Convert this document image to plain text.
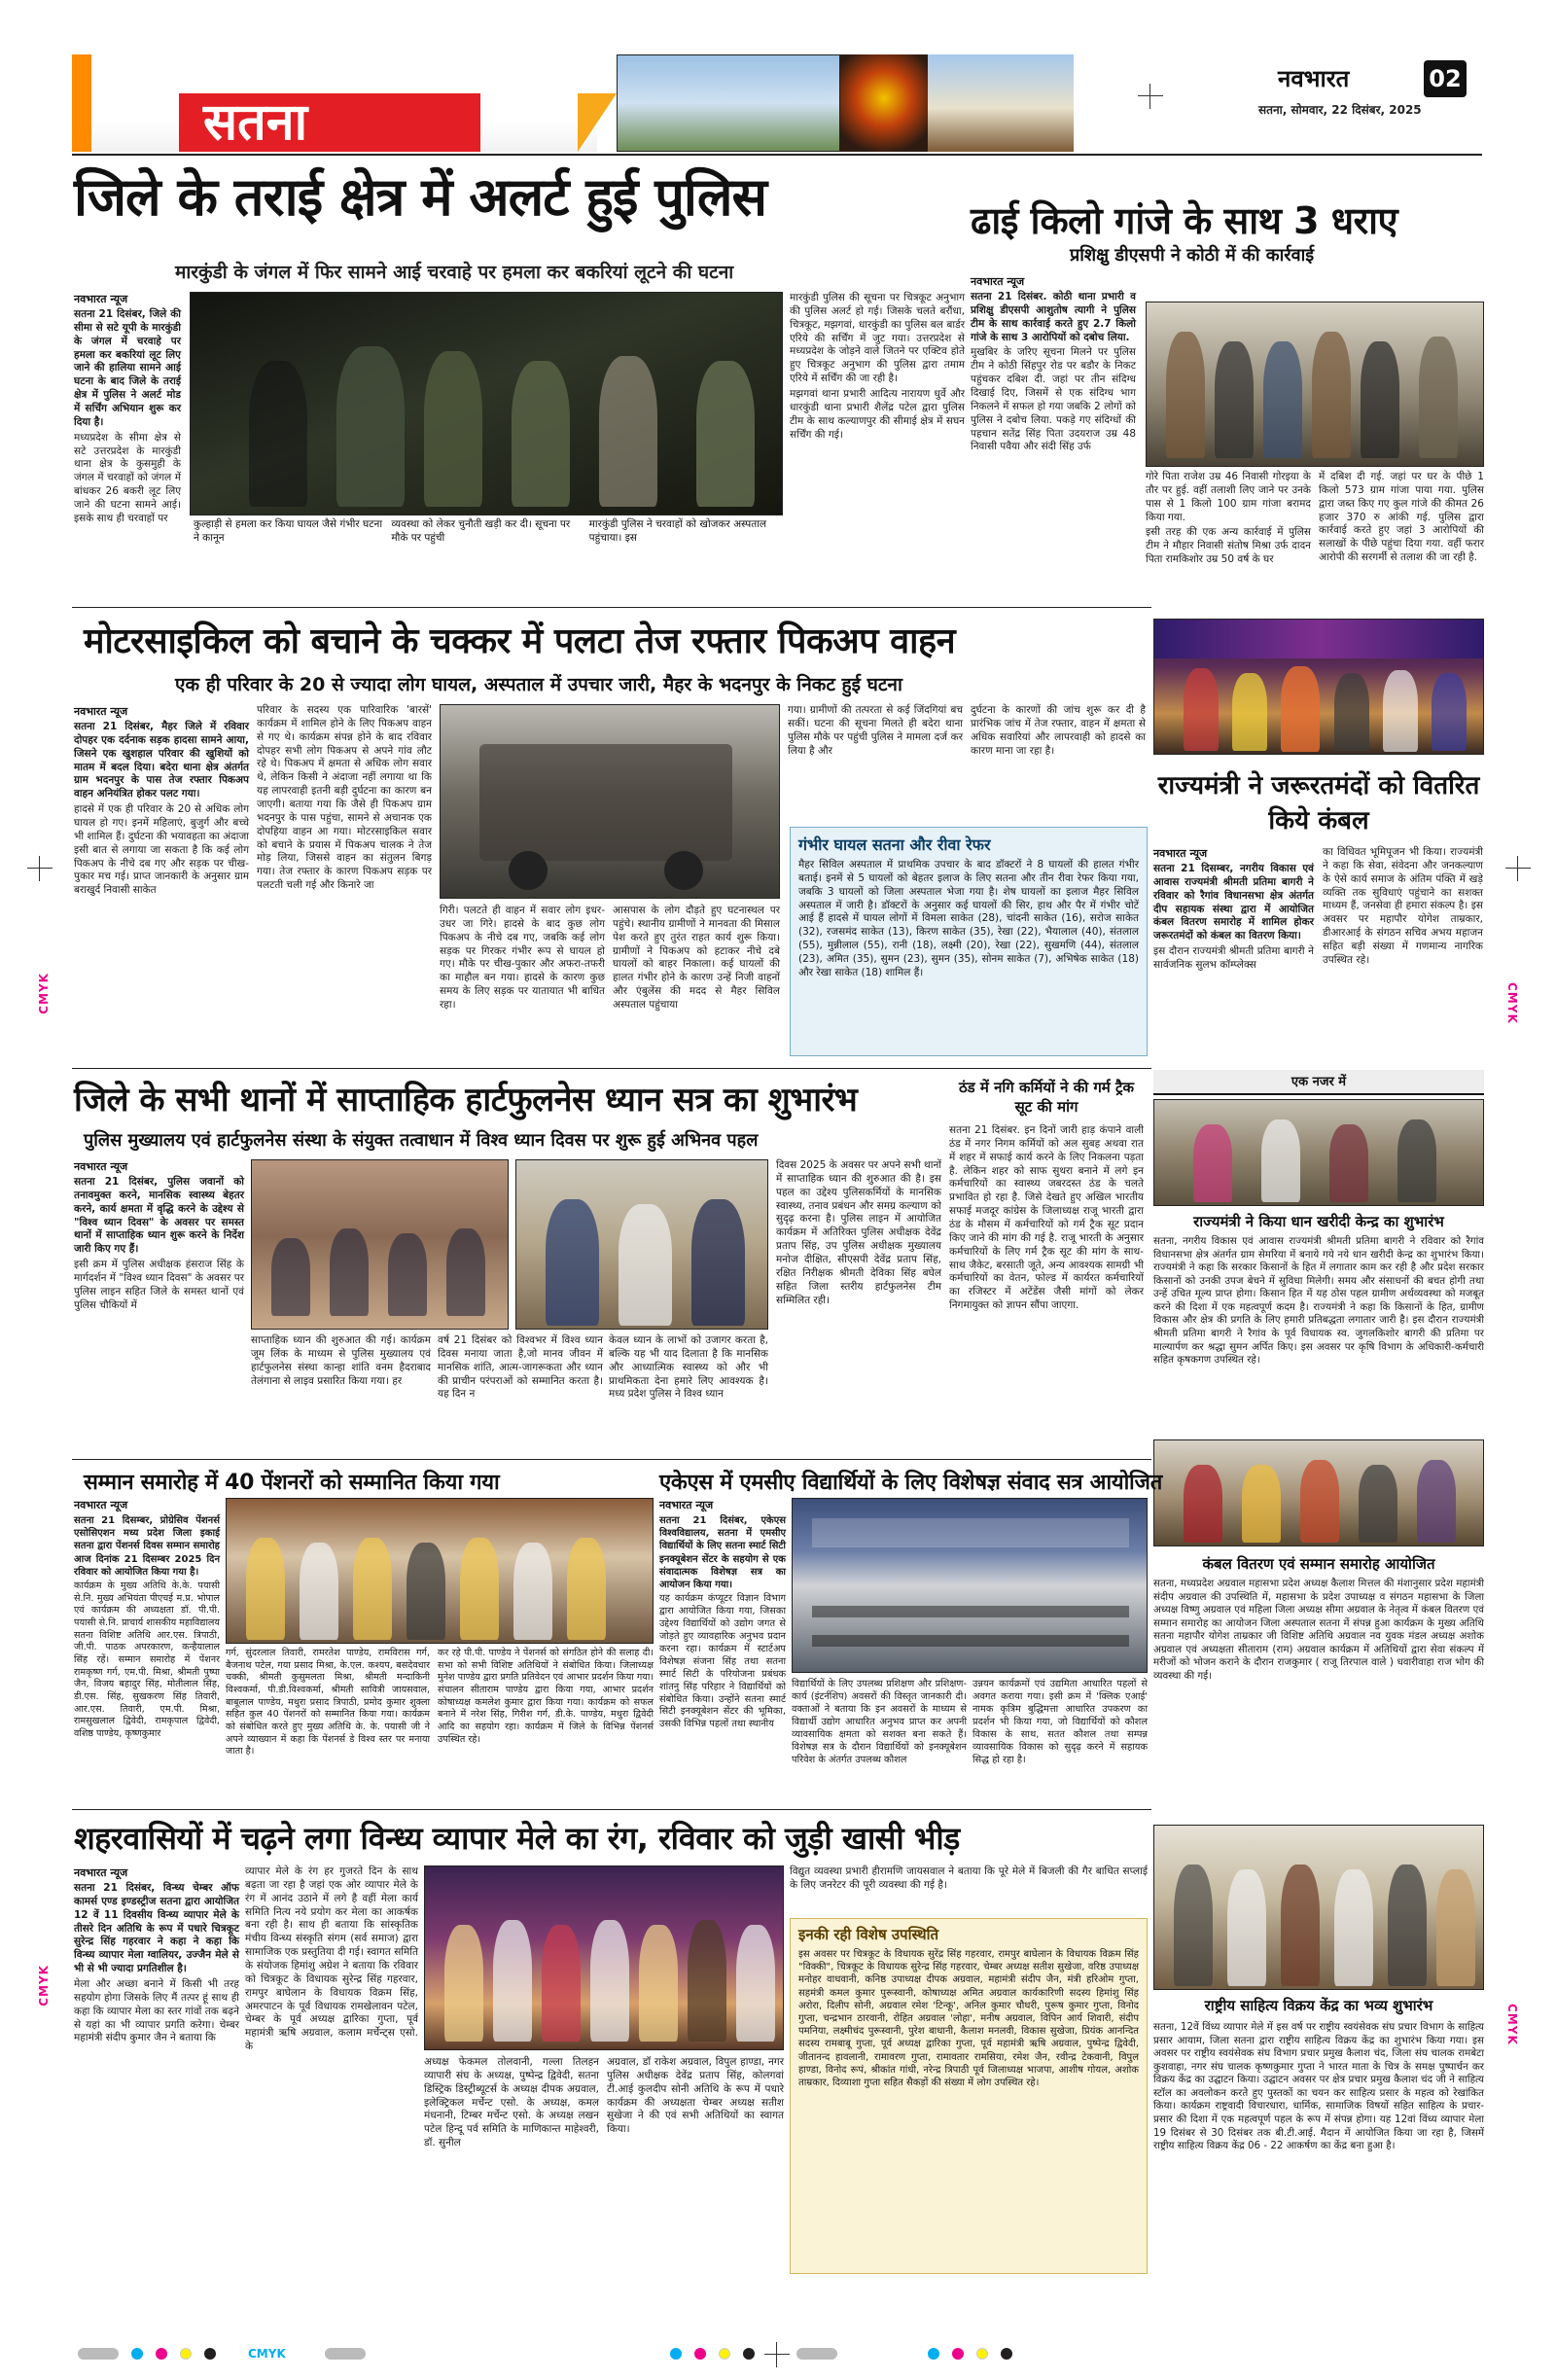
सतना
नवभारत	02
सतना, सोमवार, 22 दिसंबर, 2025
जिले के तराई क्षेत्र में अलर्ट हुई पुलिस
मारकुंडी के जंगल में फिर सामने आई चरवाहे पर हमला कर बकरियां लूटने की घटना
नवभारत न्यूज
सतना 21 दिसंबर, जिले की सीमा से सटे यूपी के मारकुंडी के जंगल में चरवाहे पर हमला कर बकरियां लूट लिए जाने की हालिया सामने आई घटना के बाद जिले के तराई क्षेत्र में पुलिस ने अलर्ट मोड में सर्चिंग अभियान शुरू कर दिया है।
मध्यप्रदेश के सीमा क्षेत्र से सटे उत्तरप्रदेश के मारकुंडी थाना क्षेत्र के कुसमुही के जंगल में चरवाहों को जंगल में बांधकर 26 बकरी लूट लिए जाने की घटना सामने आई। इसके साथ ही चरवाहों पर
कुल्हाड़ी से हमला कर किया घायल जैसे गंभीर घटना ने कानून
व्यवस्था को लेकर चुनौती खड़ी कर दी। सूचना पर मौके पर पहुंची
मारकुंडी पुलिस ने चरवाहों को खोजकर अस्पताल पहुंचाया। इस
मारकुंडी पुलिस की सूचना पर चित्रकूट अनुभाग की पुलिस अलर्ट हो गई। जिसके चलते बरौंधा, चित्रकूट, मझगवां, धारकुंडी का पुलिस बल बार्डर एरिये की सर्चिंग में जुट गया। उत्तरप्रदेश से मध्यप्रदेश के जोड़ने वाले जितने पर एक्टिव होते हुए चित्रकूट अनुभाग की पुलिस द्वारा तमाम एरिये में सर्चिंग की जा रही है।
मझगवां थाना प्रभारी आदित्य नारायण धुर्वे और धारकुंडी थाना प्रभारी शैलेंद्र पटेल द्वारा पुलिस टीम के साथ कल्याणपुर की सीमाई क्षेत्र में सघन सर्चिंग की गई।
ढाई किलो गांजे के साथ 3 धराए
प्रशिक्षु डीएसपी ने कोठी में की कार्रवाई
नवभारत न्यूज
सतना 21 दिसंबर. कोठी थाना प्रभारी व प्रशिक्षु डीएसपी आशुतोष त्यागी ने पुलिस टीम के साथ कार्रवाई करते हुए 2.7 किलो गांजे के साथ 3 आरोपियों को दबोच लिया.
मुखबिर के जरिए सूचना मिलने पर पुलिस टीम ने कोठी सिंहपुर रोड पर बडौर के निकट पहुंचकर दबिश दी. जहां पर तीन संदिग्ध दिखाई दिए, जिसमें से एक संदिग्ध भाग निकलने में सफल हो गया जबकि 2 लोगों को पुलिस ने दबोच लिया. पकड़े गए संदिग्धों की पहचान सतेंद्र सिंह पिता उदयराज उम्र 48 निवासी पवैया और संदी सिंह उर्फ
गोरे पिता राजेश उम्र 46 निवासी गोरइया के तौर पर हुई. वहीं तलाशी लिए जाने पर उनके पास से 1 किलो 100 ग्राम गांजा बरामद किया गया.
इसी तरह की एक अन्य कार्रवाई में पुलिस टीम ने मौहार निवासी संतोष मिश्रा उर्फ दादन पिता रामकिशोर उम्र 50 वर्ष के घर
में दबिश दी गई. जहां पर घर के पीछे 1 किलो 573 ग्राम गांजा पाया गया. पुलिस द्वारा जब्त किए गए कुल गांजे की कीमत 26 हजार 370 रु आंकी गई. पुलिस द्वारा कार्रवाई करते हुए जहां 3 आरोपियों की सलाखों के पीछे पहुंचा दिया गया. वहीं फरार आरोपी की सरगर्मी से तलाश की जा रही है.
मोटरसाइकिल को बचाने के चक्कर में पलटा तेज रफ्तार पिकअप वाहन
एक ही परिवार के 20 से ज्यादा लोग घायल, अस्पताल में उपचार जारी, मैहर के भदनपुर के निकट हुई घटना
नवभारत न्यूज
सतना 21 दिसंबर, मैहर जिले में रविवार दोपहर एक दर्दनाक सड़क हादसा सामने आया, जिसने एक खुशहाल परिवार की खुशियों को मातम में बदल दिया। बदेरा थाना क्षेत्र अंतर्गत ग्राम भदनपुर के पास तेज रफ्तार पिकअप वाहन अनियंत्रित होकर पलट गया।
हादसे में एक ही परिवार के 20 से अधिक लोग घायल हो गए। इनमें महिलाएं, बुजुर्ग और बच्चे भी शामिल हैं। दुर्घटना की भयावहता का अंदाजा इसी बात से लगाया जा सकता है कि कई लोग पिकअप के नीचे दब गए और सड़क पर चीख-पुकार मच गई। प्राप्त जानकारी के अनुसार ग्राम बराखुर्द निवासी साकेत
परिवार के सदस्य एक पारिवारिक 'बारसें' कार्यक्रम में शामिल होने के लिए पिकअप वाहन से गए थे। कार्यक्रम संपन्न होने के बाद रविवार दोपहर सभी लोग पिकअप से अपने गांव लौट रहे थे। पिकअप में क्षमता से अधिक लोग सवार थे, लेकिन किसी ने अंदाजा नहीं लगाया था कि यह लापरवाही इतनी बड़ी दुर्घटना का कारण बन जाएगी। बताया गया कि जैसे ही पिकअप ग्राम भदनपुर के पास पहुंचा, सामने से अचानक एक दोपहिया वाहन आ गया। मोटरसाइकिल सवार को बचाने के प्रयास में पिकअप चालक ने तेज मोड़ लिया, जिससे वाहन का संतुलन बिगड़ गया। तेज रफ्तार के कारण पिकअप सड़क पर पलटती चली गई और किनारे जा
गिरी। पलटते ही वाहन में सवार लोग इधर-उधर जा गिरे। हादसे के बाद कुछ लोग पिकअप के नीचे दब गए, जबकि कई लोग सड़क पर गिरकर गंभीर रूप से घायल हो गए। मौके पर चीख-पुकार और अफरा-तफरी का माहौल बन गया। हादसे के कारण कुछ समय के लिए सड़क पर यातायात भी बाधित रहा।
आसपास के लोग दौड़ते हुए घटनास्थल पर पहुंचे। स्थानीय ग्रामीणों ने मानवता की मिसाल पेश करते हुए तुरंत राहत कार्य शुरू किया। ग्रामीणों ने पिकअप को हटाकर नीचे दबे घायलों को बाहर निकाला। कई घायलों की हालत गंभीर होने के कारण उन्हें निजी वाहनों और एंबुलेंस की मदद से मैहर सिविल अस्पताल पहुंचाया
गया। ग्रामीणों की तत्परता से कई जिंदगियां बच सकीं। घटना की सूचना मिलते ही बदेरा थाना पुलिस मौके पर पहुंची पुलिस ने मामला दर्ज कर लिया है और
दुर्घटना के कारणों की जांच शुरू कर दी है प्रारंभिक जांच में तेज रफ्तार, वाहन में क्षमता से अधिक सवारियां और लापरवाही को हादसे का कारण माना जा रहा है।
गंभीर घायल सतना और रीवा रेफर
मैहर सिविल अस्पताल में प्राथमिक उपचार के बाद डॉक्टरों ने 8 घायलों की हालत गंभीर बताई। इनमें से 5 घायलों को बेहतर इलाज के लिए सतना और तीन रीवा रेफर किया गया, जबकि 3 घायलों को जिला अस्पताल भेजा गया है। शेष घायलों का इलाज मैहर सिविल अस्पताल में जारी है। डॉक्टरों के अनुसार कई घायलों की सिर, हाथ और पैर में गंभीर चोटें आई हैं हादसे में घायल लोगों में विमला साकेत (28), चांदनी साकेत (16), सरोज साकेत (32), रजसमंद साकेत (13), किरण साकेत (35), रेखा (22), भैयालाल (40), संतलाल (55), मुन्नीलाल (55), रानी (18), लक्ष्मी (20), रेखा (22), सुखमणि (44), संतलाल (23), अमित (35), सुमन (23), सुमन (35), सोनम साकेत (7), अभिषेक साकेत (18) और रेखा साकेत (18) शामिल हैं।
राज्यमंत्री ने जरूरतमंदों को वितरित किये कंबल
नवभारत न्यूज
सतना 21 दिसम्बर, नगरीय विकास एवं आवास राज्यमंत्री श्रीमती प्रतिमा बागरी ने रविवार को रैगांव विधानसभा क्षेत्र अंतर्गत दीप सहायक संस्था द्वारा में आयोजित कंबल वितरण समारोह में शामिल होकर जरूरतमंदों को कंबल का वितरण किया।
इस दौरान राज्यमंत्री श्रीमती प्रतिमा बागरी ने सार्वजनिक सुलभ कॉम्प्लेक्स
का विधिवत भूमिपूजन भी किया। राज्यमंत्री ने कहा कि सेवा, संवेदना और जनकल्याण के ऐसे कार्य समाज के अंतिम पंक्ति में खड़े व्यक्ति तक सुविधाएं पहुंचाने का सशक्त माध्यम हैं, जनसेवा ही हमारा संकल्प है। इस अवसर पर महापौर योगेश ताम्रकार, डीआरआई के संगठन सचिव अभय महाजन सहित बड़ी संख्या में गणमान्य नागरिक उपस्थित रहे।
जिले के सभी थानों में साप्ताहिक हार्टफुलनेस ध्यान सत्र का शुभारंभ
पुलिस मुख्यालय एवं हार्टफुलनेस संस्था के संयुक्त तत्वाधान में विश्व ध्यान दिवस पर शुरू हुई अभिनव पहल
नवभारत न्यूज
सतना 21 दिसंबर, पुलिस जवानों को तनावमुक्त करने, मानसिक स्वास्थ्य बेहतर करने, कार्य क्षमता में वृद्धि करने के उद्देश्य से "विश्व ध्यान दिवस" के अवसर पर समस्त थानों में साप्ताहिक ध्यान शुरू करने के निर्देश जारी किए गए हैं।
इसी क्रम में पुलिस अधीक्षक हंसराज सिंह के मार्गदर्शन में "विश्व ध्यान दिवस" के अवसर पर पुलिस लाइन सहित जिले के समस्त थानों एवं पुलिस चौकियों में
साप्ताहिक ध्यान की शुरुआत की गई। कार्यक्रम जूम लिंक के माध्यम से पुलिस मुख्यालय एवं हार्टफुलनेस संस्था कान्हा शांति वनम हैदराबाद तेलंगाना से लाइव प्रसारित किया गया। हर
वर्ष 21 दिसंबर को विश्वभर में विश्व ध्यान दिवस मनाया जाता है,जो मानव जीवन में मानसिक शांति, आत्म-जागरूकता और ध्यान की प्राचीन परंपराओं को सम्मानित करता है। यह दिन न
केवल ध्यान के लाभों को उजागर करता है, बल्कि यह भी याद दिलाता है कि मानसिक और आध्यात्मिक स्वास्थ्य को और भी प्राथमिकता देना हमारे लिए आवश्यक है। मध्य प्रदेश पुलिस ने विश्व ध्यान
दिवस 2025 के अवसर पर अपने सभी थानों में साप्ताहिक ध्यान की शुरुआत की है। इस पहल का उद्देश्य पुलिसकर्मियों के मानसिक स्वास्थ्य, तनाव प्रबंधन और समग्र कल्याण को सुदृढ़ करना है। पुलिस लाइन में आयोजित कार्यक्रम में अतिरिक्त पुलिस अधीक्षक देवेंद्र प्रताप सिंह, उप पुलिस अधीक्षक मुख्यालय मनोज दीक्षित, सीएसपी देवेंद्र प्रताप सिंह, रक्षित निरीक्षक श्रीमती देविका सिंह बघेल सहित जिला स्तरीय हार्टफुलनेस टीम सम्मिलित रही।
ठंड में नगि कर्मियों ने की गर्म ट्रैक सूट की मांग
सतना 21 दिसंबर. इन दिनों जारी हाड़ कंपाने वाली ठंड में नगर निगम कर्मियों को अल सुबह अथवा रात में शहर में सफाई कार्य करने के लिए निकलना पड़ता है. लेकिन शहर को साफ सुथरा बनाने में लगे इन कर्मचारियों का स्वास्थ्य जबरदस्त ठंड के चलते प्रभावित हो रहा है. जिसे देखते हुए अखिल भारतीय सफाई मजदूर कांग्रेस के जिलाध्यक्ष राजू भारती द्वारा ठंड के मौसम में कर्मचारियों को गर्म ट्रैक सूट प्रदान किए जाने की मांग की गई है. राजू भारती के अनुसार कर्मचारियों के लिए गर्म ट्रैक सूट की मांग के साथ-साथ जैकेट, बरसाती जूते, अन्य आवश्यक सामग्री भी कर्मचारियों का वेतन, फोल्ड में कार्यरत कर्मचारियों का रजिस्टर में अटेंडेंस जैसी मांगों को लेकर निगमायुक्त को ज्ञापन सौंपा जाएगा.
एक नजर में
राज्यमंत्री ने किया धान खरीदी केन्द्र का शुभारंभ
सतना, नगरीय विकास एवं आवास राज्यमंत्री श्रीमती प्रतिमा बागरी ने रविवार को रैगांव विधानसभा क्षेत्र अंतर्गत ग्राम सेमरिया में बनाये गये नये धान खरीदी केन्द्र का शुभारंभ किया। राज्यमंत्री ने कहा कि सरकार किसानों के हित में लगातार काम कर रही है और प्रदेश सरकार किसानों को उनकी उपज बेचने में सुविधा मिलेगी। समय और संसाधनों की बचत होगी तथा उन्हें उचित मूल्य प्राप्त होगा। किसान हित में यह ठोस पहल ग्रामीण अर्थव्यवस्था को मजबूत करने की दिशा में एक महत्वपूर्ण कदम है। राज्यमंत्री ने कहा कि किसानों के हित, ग्रामीण विकास और क्षेत्र की प्रगति के लिए हमारी प्रतिबद्धता लगातार जारी है। इस दौरान राज्यमंत्री श्रीमती प्रतिमा बागरी ने रैगांव के पूर्व विधायक स्व. जुगलकिशोर बागरी की प्रतिमा पर माल्यार्पण कर श्रद्धा सुमन अर्पित किए। इस अवसर पर कृषि विभाग के अधिकारी-कर्मचारी सहित कृषकगण उपस्थित रहे।
कंबल वितरण एवं सम्मान समारोह आयोजित
सतना, मध्यप्रदेश अग्रवाल महासभा प्रदेश अध्यक्ष कैलाश मित्तल की मंशानुसार प्रदेश महामंत्री संदीप अग्रवाल की उपस्थिति में, महासभा के प्रदेश उपाध्यक्ष व संगठन महासभा के जिला अध्यक्ष विष्णु अग्रवाल एवं महिला जिला अध्यक्ष सीमा अग्रवाल के नेतृत्व में कंबल वितरण एवं सम्मान समारोह का आयोजन जिला अस्पताल सतना में संपन्न हुआ कार्यक्रम के मुख्य अतिथि सतना महापौर योगेश ताम्रकार जी विशिष्ट अतिथि अग्रवाल नव युवक मंडल अध्यक्ष अशोक अग्रवाल एवं अध्यक्षता सीताराम (राम) अग्रवाल कार्यक्रम में अतिथियों द्वारा सेवा संकल्प में मरीजों को भोजन कराने के दौरान राजकुमार ( राजू तिरपाल वाले ) धवारीवाहा राज भोग की व्यवस्था की गई।
सम्मान समारोह में 40 पेंशनरों को सम्मानित किया गया
नवभारत न्यूज
सतना 21 दिसम्बर, प्रोग्रेसिव पेंशनर्स एसोसिएशन मध्य प्रदेश जिला इकाई सतना द्वारा पेंशनर्स दिवस सम्मान समारोह आज दिनांक 21 दिसम्बर 2025 दिन रविवार को आयोजित किया गया है।
कार्यक्रम के मुख्य अतिथि के.के. पयासी से.नि. मुख्य अभियंता पीएचई म.प्र. भोपाल एवं कार्यक्रम की अध्यक्षता डॉ. पी.पी. पयासी से.नि. प्राचार्य शासकीय महाविद्यालय सतना विशिष्ट अतिथि आर.एस. त्रिपाठी, जी.पी. पाठक अपरकारण, कन्हैयालाल सिंह रहें। सम्मान समारोह में पेंशनर रामकृष्ण गर्ग, एम.पी. मिश्रा, श्रीमती पुष्पा जैन, विजय बहादुर सिंह, मोतीलाल सिंह, डी.एस. सिंह, सुखकरण सिंह तिवारी, आर.एस. तिवारी, एम.पी. मिश्रा, रामसुखलाल द्विवेदी, रामकृपाल द्विवेदी, वशिष्ठ पाण्डेय, कृष्णकुमार
गर्ग, सुंदरलाल तिवारी, रामरतेश पाण्डेय, रामविरास गर्ग, बैजनाथ पटेल, गया प्रसाद मिश्रा, के.एल. कश्यप, बसदेवधार चक्की, श्रीमती कुसुमलता मिश्रा, श्रीमती मन्दाकिनी विश्वकर्मा, पी.डी.विश्वकर्मा, श्रीमती सावित्री जायसवाल, बाबूलाल पाण्डेय, मथुरा प्रसाद त्रिपाठी, प्रमोद कुमार शुक्ला सहित कुल 40 पेंशनरों को सम्मानित किया गया। कार्यक्रम को संबोधित करते हुए मुख्य अतिथि के. के. पयासी जी ने अपने व्याख्यान में कहा कि पेंशनर्स डे विश्व स्तर पर मनाया जाता है।
कर रहे पी.पी. पाण्डेय ने पेंशनर्स को संगठित होने की सलाह दी। सभा को सभी विशिष्ट अतिथियों ने संबोधित किया। जिलाध्यक्ष मुनेश पाण्डेय द्वारा प्रगति प्रतिवेदन एवं आभार प्रदर्शन किया गया। संचालन सीताराम पाण्डेय द्वारा किया गया, आभार प्रदर्शन कोषाध्यक्ष कमलेश कुमार द्वारा किया गया। कार्यक्रम को सफल बनाने में नरेश सिंह, गिरीश गर्ग, डी.के. पाण्डेय, मथुरा द्विवेदी आदि का सहयोग रहा। कार्यक्रम में जिले के विभिन्न पेंशनर्स उपस्थित रहे।
एकेएस में एमसीए विद्यार्थियों के लिए विशेषज्ञ संवाद सत्र आयोजित
नवभारत न्यूज
सतना 21 दिसंबर, एकेएस विश्वविद्यालय, सतना में एमसीए विद्यार्थियों के लिए सतना स्मार्ट सिटी इनक्यूबेशन सेंटर के सहयोग से एक संवादात्मक विशेषज्ञ सत्र का आयोजन किया गया।
यह कार्यक्रम कंप्यूटर विज्ञान विभाग द्वारा आयोजित किया गया, जिसका उद्देश्य विद्यार्थियों को उद्योग जगत से जोड़ते हुए व्यावहारिक अनुभव प्रदान करना रहा। कार्यक्रम में स्टार्टअप विशेषज्ञ संजना सिंह तथा सतना स्मार्ट सिटी के परियोजना प्रबंधक शांतनु सिंह परिहार ने विद्यार्थियों को संबोधित किया। उन्होंने सतना स्मार्ट सिटी इनक्यूबेशन सेंटर की भूमिका, उसकी विभिन्न पहलों तथा स्थानीय
विद्यार्थियों के लिए उपलब्ध प्रशिक्षण और प्रशिक्षण-कार्य (इंटर्नशिप) अवसरों की विस्तृत जानकारी दी। वक्ताओं ने बताया कि इन अवसरों के माध्यम से विद्यार्थी उद्योग आधारित अनुभव प्राप्त कर अपनी व्यावसायिक क्षमता को सशक्त बना सकते हैं। विशेषज्ञ सत्र के दौरान विद्यार्थियों को इनक्यूबेशन परिवेश के अंतर्गत उपलब्ध कौशल
उन्नयन कार्यक्रमों एवं उद्यमिता आधारित पहलों से अवगत कराया गया। इसी क्रम में 'क्लिक एआई' नामक कृत्रिम बुद्धिमत्ता आधारित उपकरण का प्रदर्शन भी किया गया, जो विद्यार्थियों को कौशल विकास के साथ, सतत कौशल तथा सम्पन्न व्यावसायिक विकास को सुदृढ़ करने में सहायक सिद्ध हो रहा है।
शहरवासियों में चढ़ने लगा विन्ध्य व्यापार मेले का रंग, रविवार को जुड़ी खासी भीड़
नवभारत न्यूज
सतना 21 दिसंबर, विन्ध्य चेम्बर ऑफ कामर्स एण्ड इण्डस्ट्रीज सतना द्वारा आयोजित 12 वें 11 दिवसीय विन्ध्य व्यापार मेले के तीसरे दिन अतिथि के रूप में पधारे चित्रकूट सुरेन्द्र सिंह गहरवार ने कहा ने कहा कि विन्ध्य व्यापार मेला ग्वालियर, उज्जैन मेले से भी से भी ज्यादा प्रगतिशील है।
मेला और अच्छा बनाने में किसी भी तरह सहयोग होगा जिसके लिए मैं तत्पर हूं साथ ही कहा कि व्यापार मेला का स्तर गांवों तक बढ़ने से यहां का भी व्यापार प्रगति करेगा। चेम्बर महामंत्री संदीप कुमार जैन ने बताया कि
व्यापार मेले के रंग हर गुजरते दिन के साथ बढ़ता जा रहा है जहां एक ओर व्यापार मेले के रंग में आनंद उठाने में लगे है वहीं मेला कार्य समिति नित्य नये प्रयोग कर मेला का आकर्षक बना रही है। साथ ही बताया कि सांस्कृतिक मंचीय विन्ध्य संस्कृति संगम (सर्व समाज) द्वारा सामाजिक एक प्रस्तुतिया दी गई। स्वागत समिति के संयोजक हिमांशु अग्रेश ने बताया कि रविवार को चित्रकूट के विधायक सुरेन्द्र सिंह गहरवार, रामपुर बाघेलान के विधायक विक्रम सिंह, अमरपाटन के पूर्व विधायक रामखेलावन पटेल, चेम्बर के पूर्व अध्यक्ष द्वारिका गुप्ता, पूर्व महामंत्री ऋषि अग्रवाल, कलाम मर्चेन्ट्स एसो. के
अध्यक्ष फेकमल तोलवानी, गल्ला तिलहन व्यापारी संघ के अध्यक्ष, पुष्पेन्द्र द्विवेदी, सतना डिस्ट्रिक डिस्ट्रीब्यूटर्स के अध्यक्ष दीपक अग्रवाल, इलेक्ट्रिकल मर्चेन्ट एसो. के अध्यक्ष, कमल मंधनानी, टिम्बर मर्चेन्ट एसो. के अध्यक्ष लखन पटेल हिन्दू पर्व समिति के माणिकान्त माहेश्वरी, डॉ. सुनील
अग्रवाल, डॉ राकेश अग्रवाल, विपुल हाण्डा, नगर पुलिस अधीक्षक देवेंद्र प्रताप सिंह, कोलगवां टी.आई कुलदीप सोनी अतिथि के रूप में पधारे कार्यक्रम की अध्यक्षता चेम्बर अध्यक्ष सतीश सुखेजा ने की एवं सभी अतिथियों का स्वागत किया।
विद्युत व्यवस्था प्रभारी हीरामणि जायसवाल ने बताया कि पूरे मेले में बिजली की गैर बाधित सप्लाई के लिए जनरेटर की पूरी व्यवस्था की गई है।
इनकी रही विशेष उपस्थिति
इस अवसर पर चित्रकूट के विधायक सुरेंद्र सिंह गहरवार, रामपुर बाघेलान के विधायक विक्रम सिंह "विक्की", चित्रकूट के विधायक सुरेन्द्र सिंह गहरवार, चेम्बर अध्यक्ष सतीश सुखेजा, वरिष्ठ उपाध्यक्ष मनोहर वाधवानी, कनिष्ठ उपाध्यक्ष दीपक अग्रवाल, महामंत्री संदीप जैन, मंत्री हरिओम गुप्ता, सहमंत्री कमल कुमार पुरूस्वानी, कोषाध्यक्ष अमित अग्रवाल कार्यकारिणी सदस्य हिमांशु सिंह अरोरा, दिलीप सोनी, अग्रवाल रमेश 'टिन्कू', अनिल कुमार चौधरी, पुरूष कुमार गुप्ता, विनोद गुप्ता, चन्द्रभान ठारवानी, रोहित अग्रवाल 'लोहा', मनीष अग्रवाल, विपिन आर्य शिवारी, संदीप पमनिया, लक्ष्मीचंद पुरूस्वानी, पुरेश बाधानी, कैलाश मनलवी, विकास सुखेजा, प्रियंक आनन्दित सदस्य रामबाबू गुप्ता, पूर्व अध्यक्ष द्वारिका गुप्ता, पूर्व महामंत्री ऋषि अग्रवाल, पुष्पेन्द्र द्विवेदी, जीतानन्द हावलानी, रामावरण गुप्ता, रामावतार रामसिया, रमेश जैन, रवीन्द्र टेकवानी, विपुल हाण्डा, विनोद रूपं, श्रीकांत गांधी, नरेन्द्र त्रिपाठी पूर्व जिलाध्यक्ष भाजपा, आशीष गोयल, अशोक ताम्रकार, दिव्याशा गुप्ता सहित सैकड़ों की संख्या में लोग उपस्थित रहे।
राष्ट्रीय साहित्य विक्रय केंद्र का भव्य शुभारंभ
सतना, 12वें विंध्य व्यापार मेले में इस वर्ष पर राष्ट्रीय स्वयंसेवक संघ प्रचार विभाग के साहित्य प्रसार आयाम, जिला सतना द्वारा राष्ट्रीय साहित्य विक्रय केंद्र का शुभारंभ किया गया। इस अवसर पर राष्ट्रीय स्वयंसेवक संघ विभाग प्रचार प्रमुख कैलाश चंद, जिला संघ चालक रामबेटा कुशवाहा, नगर संघ चालक कृष्णकुमार गुप्ता ने भारत माता के चित्र के समक्ष पुष्पार्चन कर विक्रय केंद्र का उद्घाटन किया। उद्घाटन अवसर पर क्षेत्र प्रचार प्रमुख कैलाश चंद जी ने साहित्य स्टॉल का अवलोकन करते हुए पुस्तकों का चयन कर साहित्य प्रसार के महत्व को रेखांकित किया। कार्यक्रम राष्ट्रवादी विचारधारा, धार्मिक, सामाजिक विषयों सहित साहित्य के प्रचार-प्रसार की दिशा में एक महत्वपूर्ण पहल के रूप में संपन्न होगा। यह 12वां विंध्य व्यापार मेला 19 दिसंबर से 30 दिसंबर तक बी.टी.आई. मैदान में आयोजित किया जा रहा है, जिसमें राष्ट्रीय साहित्य विक्रय केंद्र 06 - 22 आकर्षण का केंद्र बना हुआ है।
CMYK
CMYK
CMYK
CMYK
CMYK
